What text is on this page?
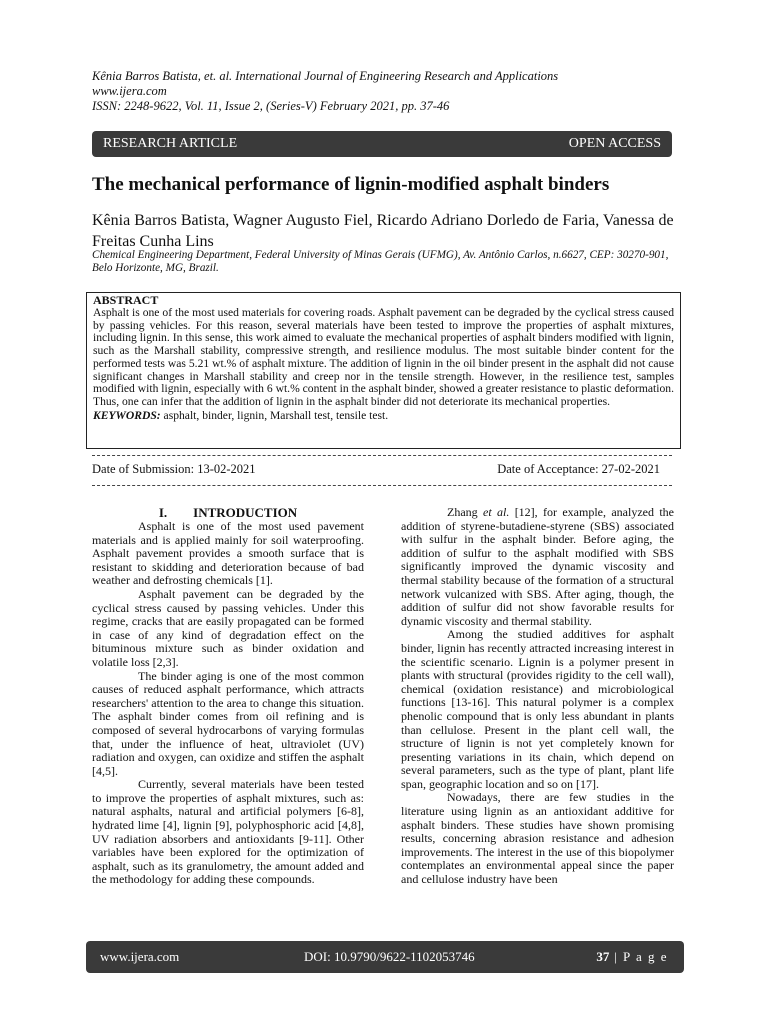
Kênia Barros Batista, et. al. International Journal of Engineering Research and Applications
www.ijera.com
ISSN: 2248-9622, Vol. 11, Issue 2, (Series-V) February 2021, pp. 37-46
RESEARCH ARTICLE	OPEN ACCESS
The mechanical performance of lignin-modified asphalt binders
Kênia Barros Batista, Wagner Augusto Fiel, Ricardo Adriano Dorledo de Faria, Vanessa de Freitas Cunha Lins
Chemical Engineering Department, Federal University of Minas Gerais (UFMG), Av. Antônio Carlos, n.6627, CEP: 30270-901, Belo Horizonte, MG, Brazil.
ABSTRACT
Asphalt is one of the most used materials for covering roads. Asphalt pavement can be degraded by the cyclical stress caused by passing vehicles. For this reason, several materials have been tested to improve the properties of asphalt mixtures, including lignin. In this sense, this work aimed to evaluate the mechanical properties of asphalt binders modified with lignin, such as the Marshall stability, compressive strength, and resilience modulus. The most suitable binder content for the performed tests was 5.21 wt.% of asphalt mixture. The addition of lignin in the oil binder present in the asphalt did not cause significant changes in Marshall stability and creep nor in the tensile strength. However, in the resilience test, samples modified with lignin, especially with 6 wt.% content in the asphalt binder, showed a greater resistance to plastic deformation. Thus, one can infer that the addition of lignin in the asphalt binder did not deteriorate its mechanical properties.
KEYWORDS: asphalt, binder, lignin, Marshall test, tensile test.
Date of Submission: 13-02-2021	Date of Acceptance: 27-02-2021

I.        INTRODUCTION

Asphalt is one of the most used pavement materials and is applied mainly for soil waterproofing. Asphalt pavement provides a smooth surface that is resistant to skidding and deterioration because of bad weather and defrosting chemicals [1].

Asphalt pavement can be degraded by the cyclical stress caused by passing vehicles. Under this regime, cracks that are easily propagated can be formed in case of any kind of degradation effect on the bituminous mixture such as binder oxidation and volatile loss [2,3].

The binder aging is one of the most common causes of reduced asphalt performance, which attracts researchers' attention to the area to change this situation. The asphalt binder comes from oil refining and is composed of several hydrocarbons of varying formulas that, under the influence of heat, ultraviolet (UV) radiation and oxygen, can oxidize and stiffen the asphalt [4,5].

Currently, several materials have been tested to improve the properties of asphalt mixtures, such as: natural asphalts, natural and artificial polymers [6-8], hydrated lime [4], lignin [9], polyphosphoric acid [4,8], UV radiation absorbers and antioxidants [9-11]. Other variables have been explored for the optimization of asphalt, such as its granulometry, the amount added and the methodology for adding these compounds.

Zhang et al. [12], for example, analyzed the addition of styrene-butadiene-styrene (SBS) associated with sulfur in the asphalt binder. Before aging, the addition of sulfur to the asphalt modified with SBS significantly improved the dynamic viscosity and thermal stability because of the formation of a structural network vulcanized with SBS. After aging, though, the addition of sulfur did not show favorable results for dynamic viscosity and thermal stability.

Among the studied additives for asphalt binder, lignin has recently attracted increasing interest in the scientific scenario. Lignin is a polymer present in plants with structural (provides rigidity to the cell wall), chemical (oxidation resistance) and microbiological functions [13-16]. This natural polymer is a complex phenolic compound that is only less abundant in plants than cellulose. Present in the plant cell wall, the structure of lignin is not yet completely known for presenting variations in its chain, which depend on several parameters, such as the type of plant, plant life span, geographic location and so on [17].

Nowadays, there are few studies in the literature using lignin as an antioxidant additive for asphalt binders. These studies have shown promising results, concerning abrasion resistance and adhesion improvements. The interest in the use of this biopolymer contemplates an environmental appeal since the paper and cellulose industry have been

www.ijera.com	DOI: 10.9790/9622-1102053746	37 | P a g e
